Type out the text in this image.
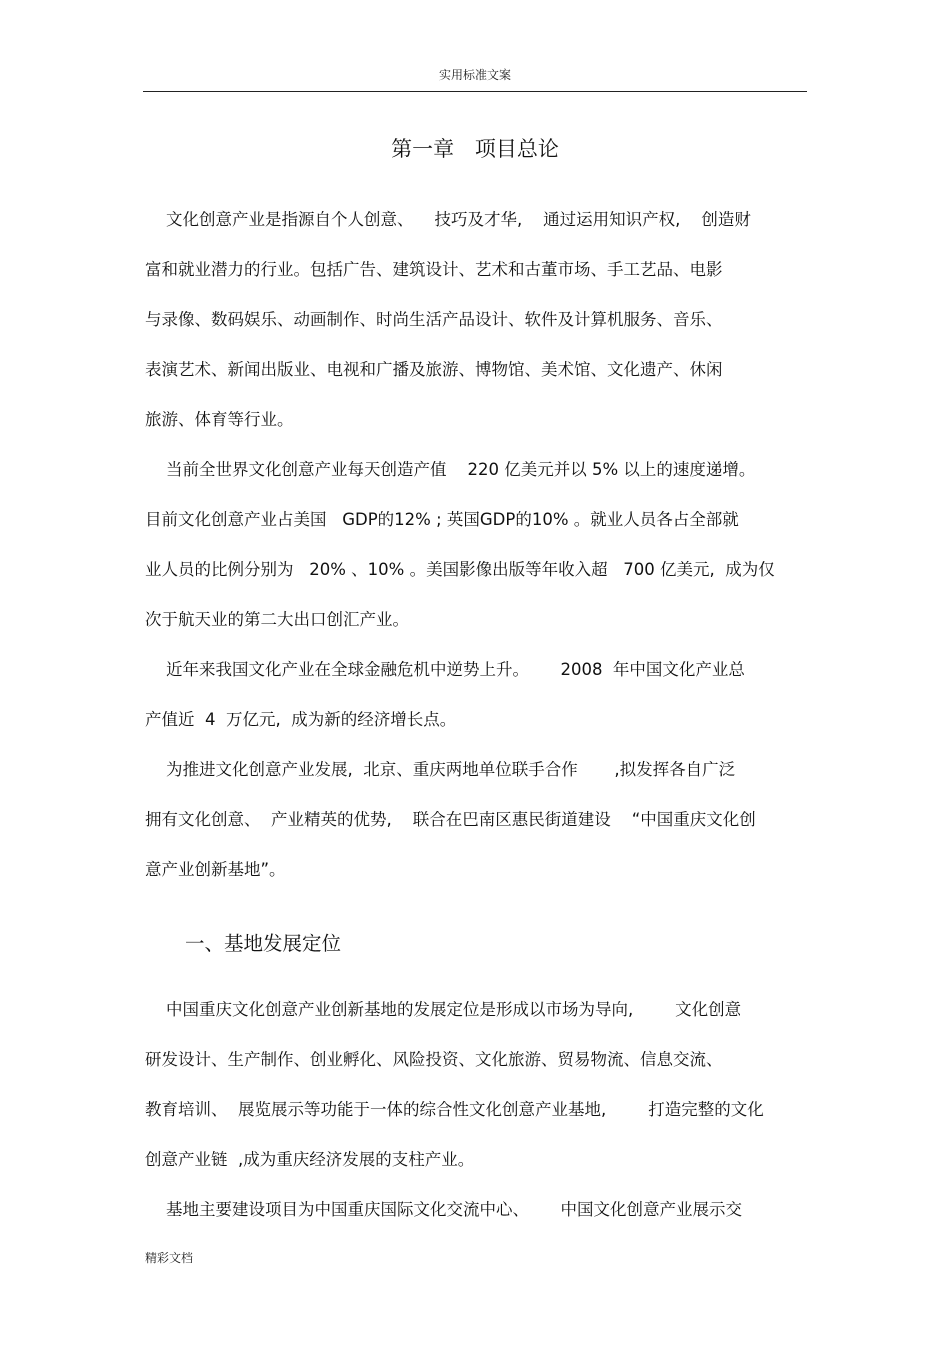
实用标准文案
第一章 项目总论
文化创意产业是指源自个人创意、    技巧及才华,    通过运用知识产权,    创造财
富和就业潜力的行业。包括广告、建筑设计、艺术和古董市场、手工艺品、电影
与录像、数码娱乐、动画制作、时尚生活产品设计、软件及计算机服务、音乐、
表演艺术、新闻出版业、电视和广播及旅游、博物馆、美术馆、文化遗产、休闲
旅游、体育等行业。
当前全世界文化创意产业每天创造产值    220 亿美元并以 5% 以上的速度递增。
目前文化创意产业占美国   GDP的12% ; 英国GDP的10% 。就业人员各占全部就
业人员的比例分别为   20% 、10% 。美国影像出版等年收入超   700 亿美元,  成为仅
次于航天业的第二大出口创汇产业。
近年来我国文化产业在全球金融危机中逆势上升。      2008  年中国文化产业总
产值近  4  万亿元,  成为新的经济增长点。
为推进文化创意产业发展,  北京、重庆两地单位联手合作       ,拟发挥各自广泛
拥有文化创意、  产业精英的优势,    联合在巴南区惠民街道建设    “中国重庆文化创
意产业创新基地”。
一、基地发展定位
中国重庆文化创意产业创新基地的发展定位是形成以市场为导向,        文化创意
研发设计、生产制作、创业孵化、风险投资、文化旅游、贸易物流、信息交流、
教育培训、  展览展示等功能于一体的综合性文化创意产业基地,        打造完整的文化
创意产业链  ,成为重庆经济发展的支柱产业。
基地主要建设项目为中国重庆国际文化交流中心、      中国文化创意产业展示交
精彩文档
